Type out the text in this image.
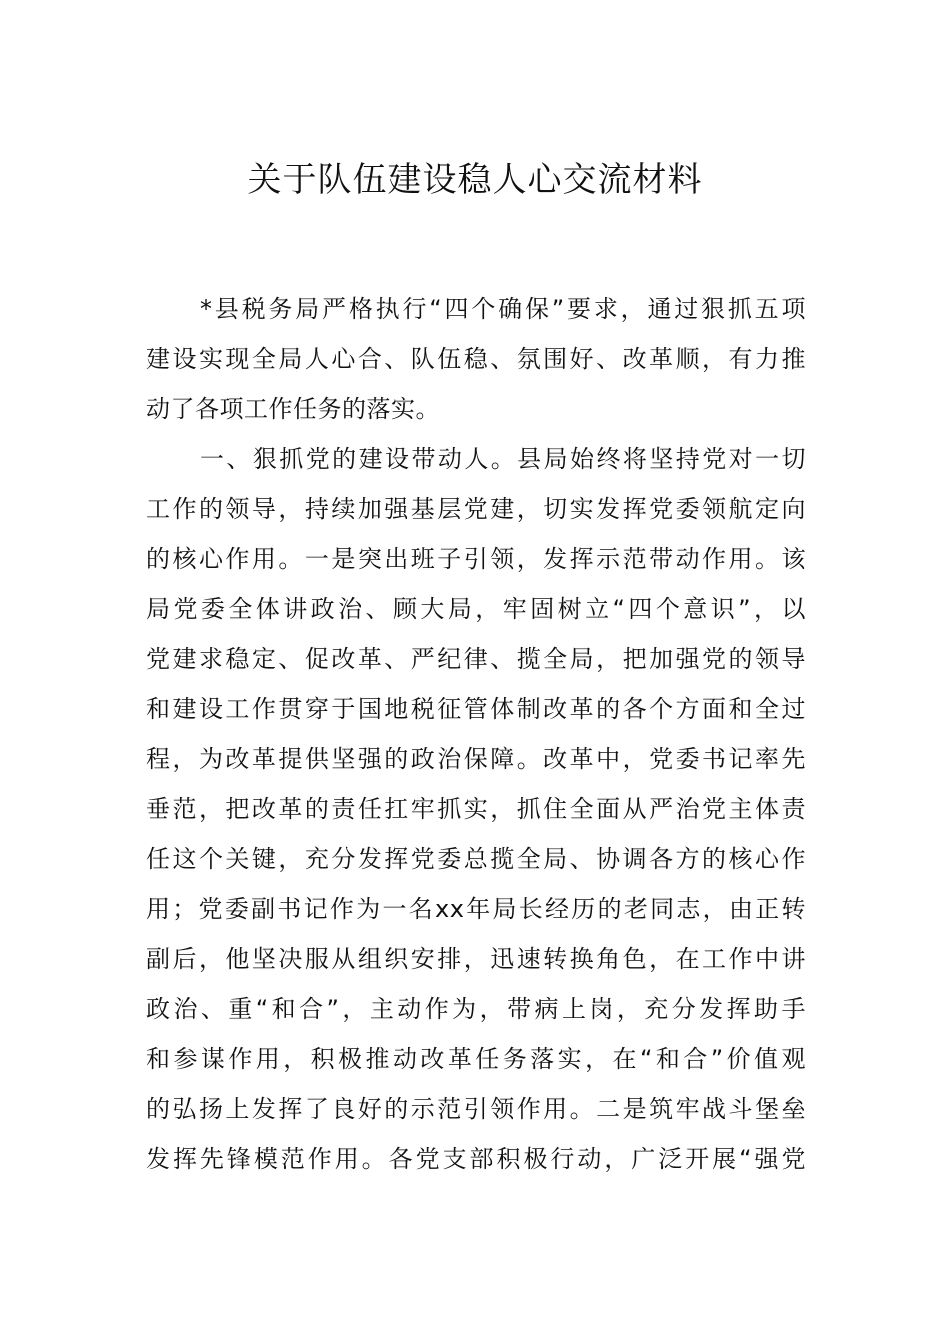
关于队伍建设稳人心交流材料
*县税务局严格执行“四个确保”要求，通过狠抓五项
建设实现全局人心合、队伍稳、氛围好、改革顺，有力推
动了各项工作任务的落实。
一、狠抓党的建设带动人。县局始终将坚持党对一切
工作的领导，持续加强基层党建，切实发挥党委领航定向
的核心作用。一是突出班子引领，发挥示范带动作用。该
局党委全体讲政治、顾大局，牢固树立“四个意识”，以
党建求稳定、促改革、严纪律、揽全局，把加强党的领导
和建设工作贯穿于国地税征管体制改革的各个方面和全过
程，为改革提供坚强的政治保障。改革中，党委书记率先
垂范，把改革的责任扛牢抓实，抓住全面从严治党主体责
任这个关键，充分发挥党委总揽全局、协调各方的核心作
用；党委副书记作为一名xx年局长经历的老同志，由正转
副后，他坚决服从组织安排，迅速转换角色，在工作中讲
政治、重“和合”，主动作为，带病上岗，充分发挥助手
和参谋作用，积极推动改革任务落实，在“和合”价值观
的弘扬上发挥了良好的示范引领作用。二是筑牢战斗堡垒
发挥先锋模范作用。各党支部积极行动，广泛开展“强党
